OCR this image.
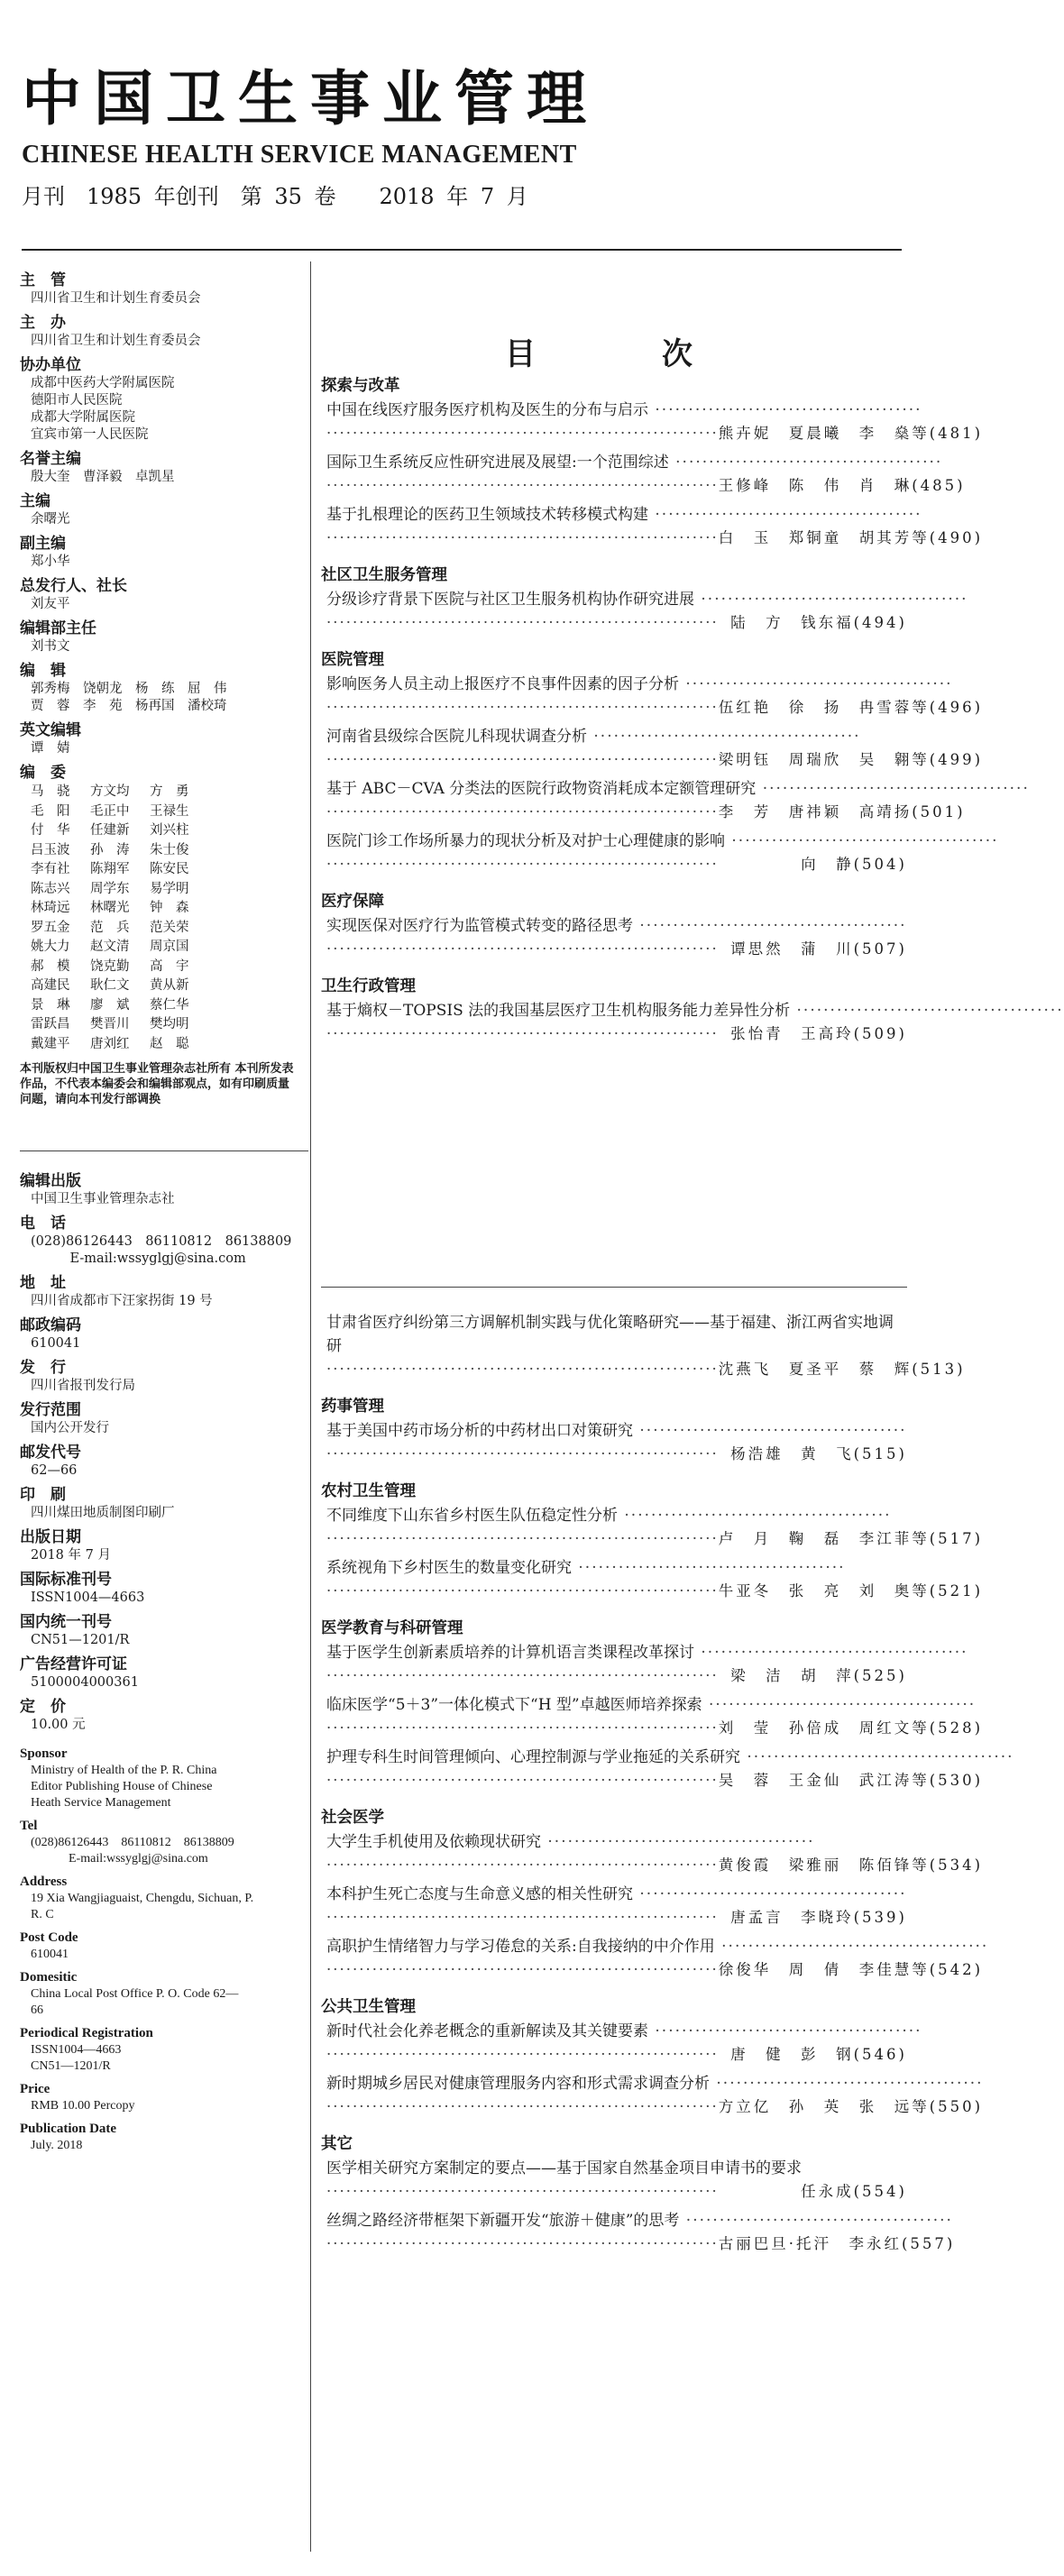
中国卫生事业管理
CHINESE HEALTH SERVICE MANAGEMENT
月刊　1985 年创刊　第 35 卷　　2018 年 7 月
主　管
四川省卫生和计划生育委员会
主　办
四川省卫生和计划生育委员会
协办单位
成都中医药大学附属医院
德阳市人民医院
成都大学附属医院
宜宾市第一人民医院
名誉主编
殷大奎　曹泽毅　卓凯星
主编
余曙光
副主编
郑小华
总发行人、社长
刘友平
编辑部主任
刘书文
编　辑
郭秀梅　饶朝龙　杨　练　屈　伟
贾　蓉　李　苑　杨再国　潘校琦
英文编辑
谭　婧
编　委
马　骁	方文均	方　勇
毛　阳	毛正中	王禄生
付　华	任建新	刘兴柱
吕玉波	孙　涛	朱士俊
李有社	陈翔军	陈安民
陈志兴	周学东	易学明
林琦远	林曙光	钟　森
罗五金	范　兵	范关荣
姚大力	赵文清	周京国
郝　模	饶克勤	高　宇
高建民	耿仁文	黄从新
景　琳	廖　斌	蔡仁华
雷跃昌	樊晋川	樊均明
戴建平	唐刘红	赵　聪
本刊版权归中国卫生事业管理杂志社所有 本刊所发表作品，不代表本编委会和编辑部观点，如有印刷质量问题，请向本刊发行部调换
编辑出版
中国卫生事业管理杂志社
电　话
(028)86126443　86110812　86138809
　　　E-mail:wssyglgj@sina.com
地　址
四川省成都市下汪家拐街 19 号
邮政编码
610041
发　行
四川省报刊发行局
发行范围
国内公开发行
邮发代号
62—66
印　刷
四川煤田地质制图印刷厂
出版日期
2018 年 7 月
国际标准刊号
ISSN1004—4663
国内统一刊号
CN51—1201/R
广告经营许可证
5100004000361
定　价
10.00 元
Sponsor
Ministry of Health of the P. R. China
Editor Publishing House of Chinese
Heath Service Management
Tel
(028)86126443　86110812　86138809
　　　E-mail:wssyglgj@sina.com
Address
19 Xia Wangjiaguaist, Chengdu, Sichuan, P.
R. C
Post Code
610041
Domesitic
China Local Post Office P. O. Code 62—
66
Periodical Registration
ISSN1004—4663
CN51—1201/R
Price
RMB 10.00 Percopy
Publication Date
July. 2018
目次
探索与改革
中国在线医疗服务医疗机构及医生的分布与启示 ········································
···························································· 熊卉妮　夏晨曦　李　燊等(481)
国际卫生系统反应性研究进展及展望:一个范围综述 ········································
···························································· 王修峰　陈　伟　肖　琳(485)
基于扎根理论的医药卫生领域技术转移模式构建 ········································
···························································· 白　玉　郑铜童　胡其芳等(490)
社区卫生服务管理
分级诊疗背景下医院与社区卫生服务机构协作研究进展 ········································
···························································· 陆　方　钱东福(494)
医院管理
影响医务人员主动上报医疗不良事件因素的因子分析 ········································
···························································· 伍红艳　徐　扬　冉雪蓉等(496)
河南省县级综合医院儿科现状调查分析 ········································
···························································· 梁明钰　周瑞欣　吴　翱等(499)
基于 ABC－CVA 分类法的医院行政物资消耗成本定额管理研究 ········································
···························································· 李　芳　唐祎颖　高靖扬(501)
医院门诊工作场所暴力的现状分析及对护士心理健康的影响 ········································
····························································	向　静(504)
医疗保障
实现医保对医疗行为监管模式转变的路径思考 ········································
···························································· 谭思然　蒲　川(507)
卫生行政管理
基于熵权－TOPSIS 法的我国基层医疗卫生机构服务能力差异性分析 ········································
···························································· 张怡青　王高玲(509)
甘肃省医疗纠纷第三方调解机制实践与优化策略研究——基于福建、浙江两省实地调研
···························································· 沈燕飞　夏圣平　蔡　辉(513)
药事管理
基于美国中药市场分析的中药材出口对策研究 ········································
···························································· 杨浩雄　黄　飞(515)
农村卫生管理
不同维度下山东省乡村医生队伍稳定性分析 ········································
···························································· 卢　月　鞠　磊　李江菲等(517)
系统视角下乡村医生的数量变化研究 ········································
···························································· 牛亚冬　张　亮　刘　奥等(521)
医学教育与科研管理
基于医学生创新素质培养的计算机语言类课程改革探讨 ········································
···························································· 梁　洁　胡　萍(525)
临床医学“5＋3”一体化模式下“H 型”卓越医师培养探索 ········································
···························································· 刘　莹　孙倍成　周红文等(528)
护理专科生时间管理倾向、心理控制源与学业拖延的关系研究 ········································
···························································· 吴　蓉　王金仙　武江涛等(530)
社会医学
大学生手机使用及依赖现状研究 ········································
···························································· 黄俊霞　梁雅丽　陈佰锋等(534)
本科护生死亡态度与生命意义感的相关性研究 ········································
···························································· 唐孟言　李晓玲(539)
高职护生情绪智力与学习倦怠的关系:自我接纳的中介作用 ········································
···························································· 徐俊华　周　倩　李佳慧等(542)
公共卫生管理
新时代社会化养老概念的重新解读及其关键要素 ········································
···························································· 唐　健　彭　钢(546)
新时期城乡居民对健康管理服务内容和形式需求调查分析 ········································
···························································· 方立亿　孙　英　张　远等(550)
其它
医学相关研究方案制定的要点——基于国家自然基金项目申请书的要求
····························································	任永成(554)
丝绸之路经济带框架下新疆开发“旅游＋健康”的思考 ········································
···························································· 古丽巴旦·托汗　李永红(557)
